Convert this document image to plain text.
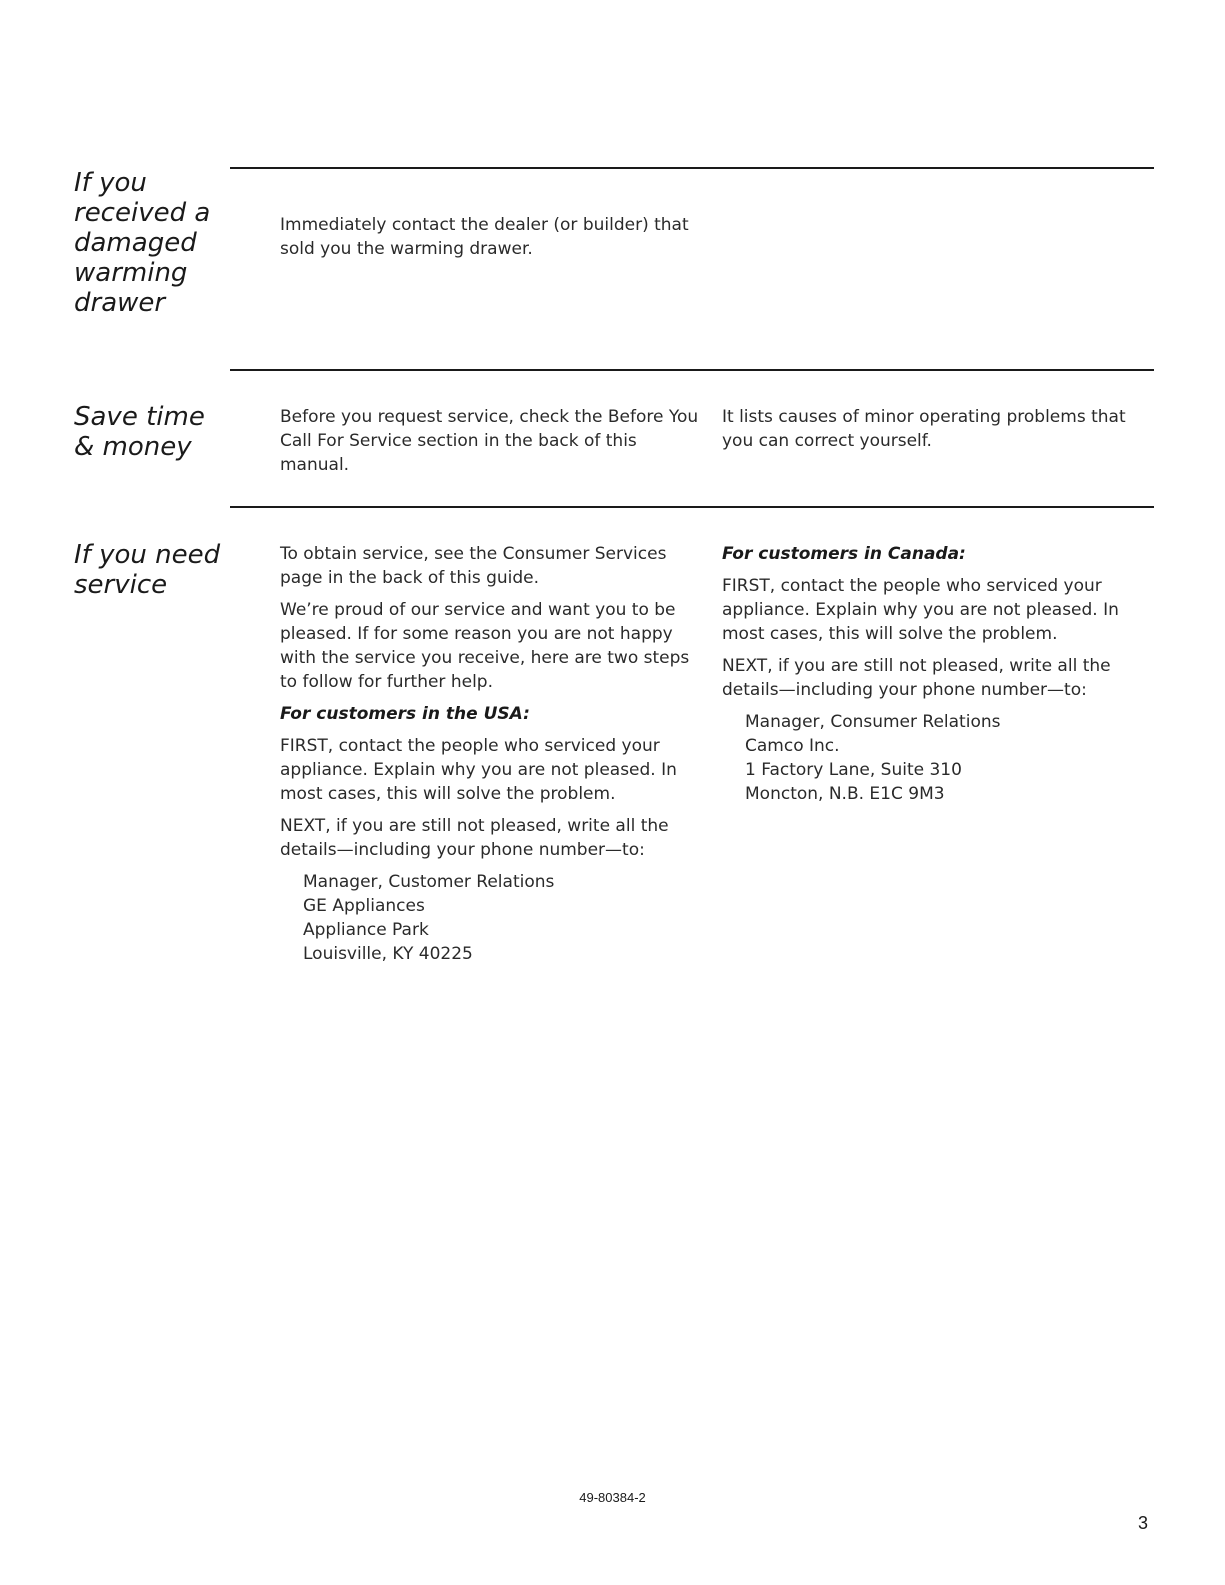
If you received a damaged warming drawer

Immediately contact the dealer (or builder) that sold you the warming drawer.

Save time & money

Before you request service, check the Before You Call For Service section in the back of this manual.

It lists causes of minor operating problems that you can correct yourself.

If you need service

To obtain service, see the Consumer Services page in the back of this guide.

We’re proud of our service and want you to be pleased. If for some reason you are not happy with the service you receive, here are two steps to follow for further help.

For customers in the USA:

FIRST, contact the people who serviced your appliance. Explain why you are not pleased. In most cases, this will solve the problem.

NEXT, if you are still not pleased, write all the details—including your phone number—to:

Manager, Customer Relations
GE Appliances
Appliance Park
Louisville, KY 40225

For customers in Canada:

FIRST, contact the people who serviced your appliance. Explain why you are not pleased. In most cases, this will solve the problem.

NEXT, if you are still not pleased, write all the details—including your phone number—to:

Manager, Consumer Relations
Camco Inc.
1 Factory Lane, Suite 310
Moncton, N.B. E1C 9M3
49-80384-2
3
